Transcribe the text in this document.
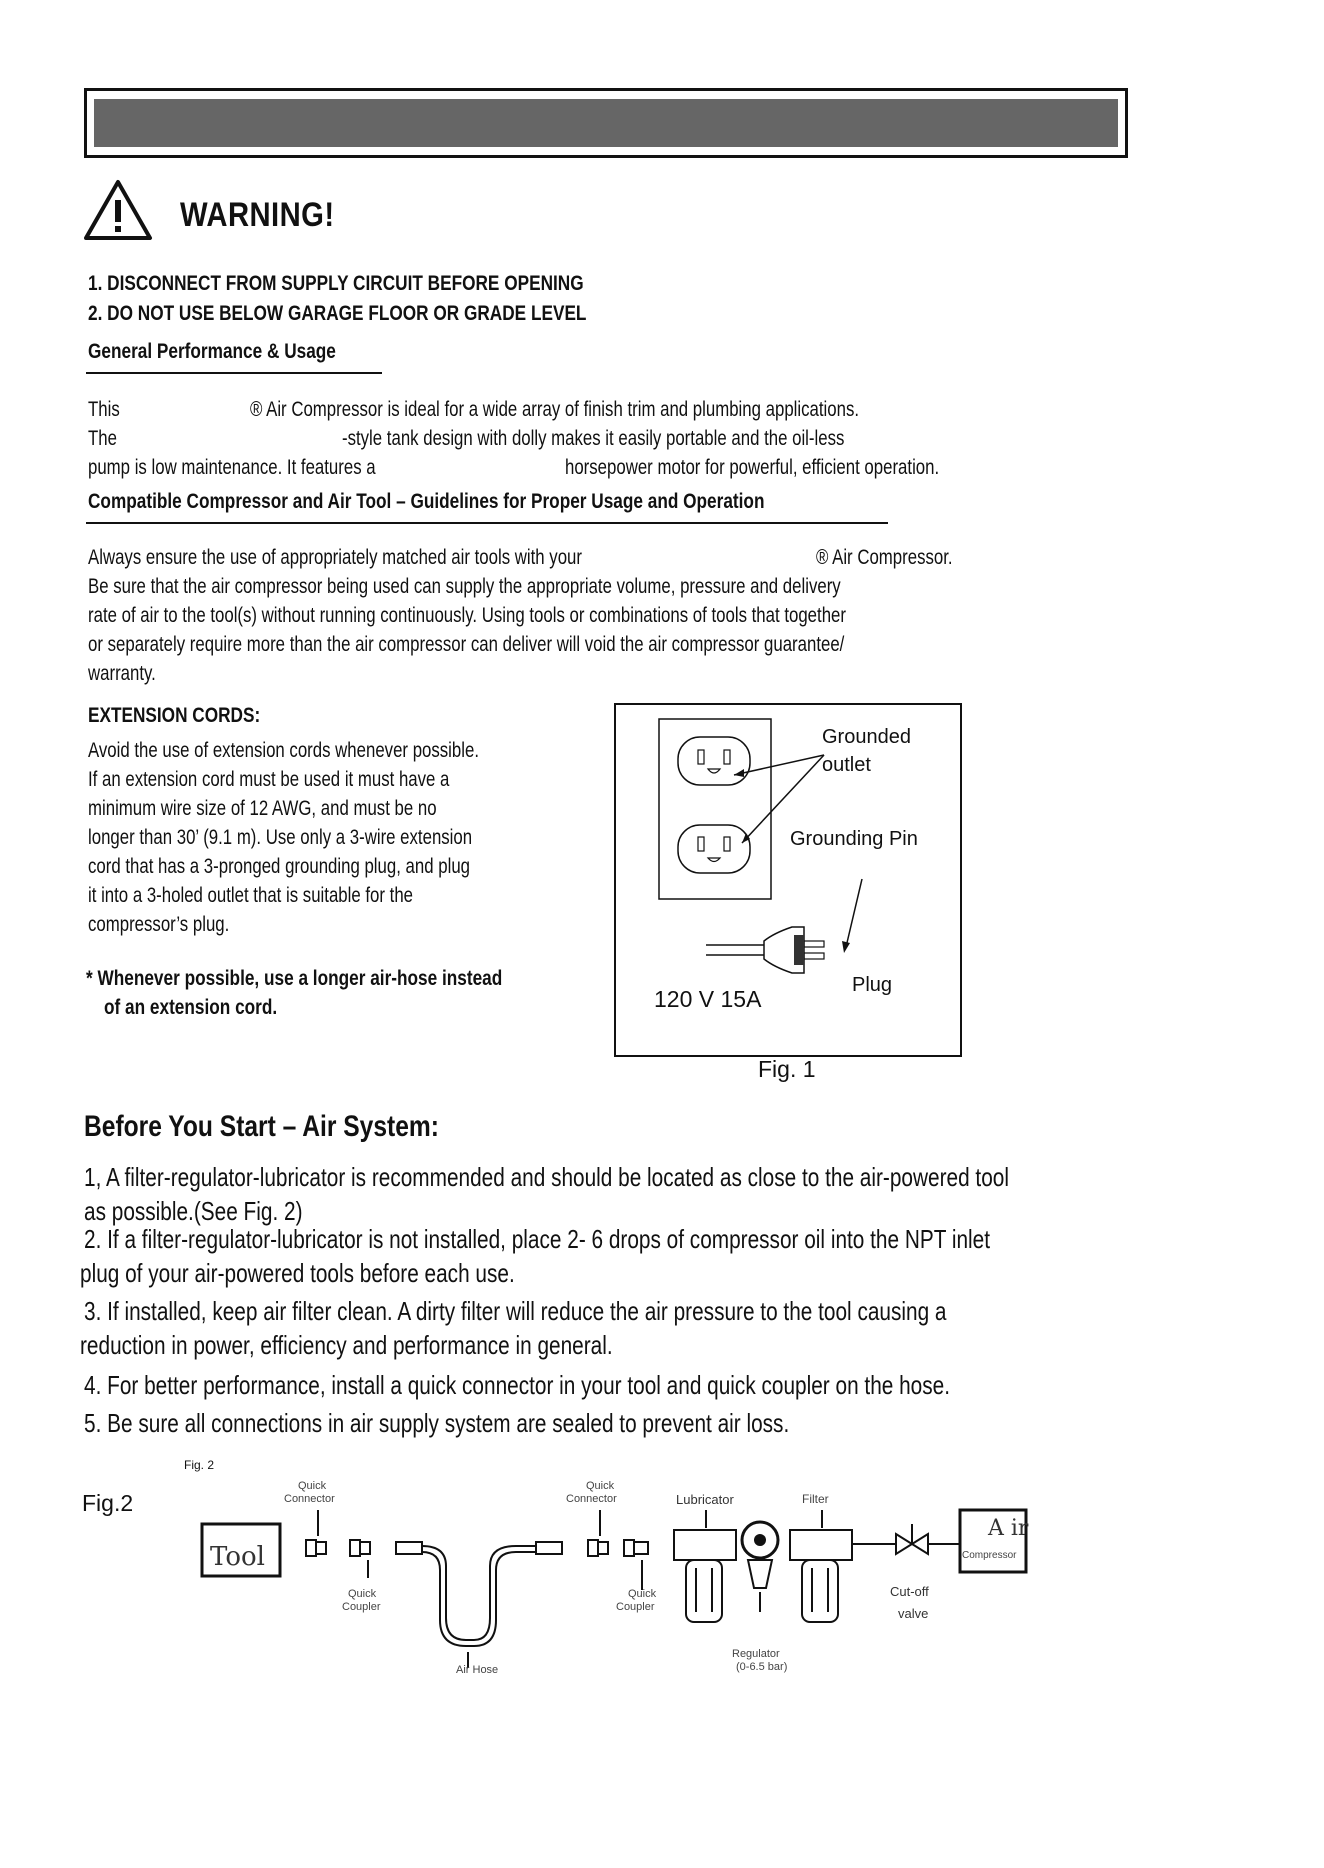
WARNING!
1. DISCONNECT FROM SUPPLY CIRCUIT BEFORE OPENING
2. DO NOT USE BELOW GARAGE FLOOR OR GRADE LEVEL
General Performance & Usage
This	® Air Compressor is ideal for a wide array of finish trim and plumbing applications.
The	-style tank design with dolly makes it easily portable and the oil-less
pump is low maintenance. It features a	horsepower motor for powerful, efficient operation.
Compatible Compressor and Air Tool – Guidelines for Proper Usage and Operation
Always ensure the use of appropriately matched air tools with your	® Air Compressor.
Be sure that the air compressor being used can supply the appropriate volume, pressure and delivery
rate of air to the tool(s) without running continuously. Using tools or combinations of tools that together
or separately require more than the air compressor can deliver will void the air compressor guarantee/
warranty.
EXTENSION CORDS:
Avoid the use of extension cords whenever possible.
If an extension cord must be used it must have a
minimum wire size of 12 AWG, and must be no
longer than 30’ (9.1 m). Use only a 3-wire extension
cord that has a 3-pronged grounding plug, and plug
it into a 3-holed outlet that is suitable for the
compressor’s plug.
* Whenever possible, use a longer air-hose instead
of an extension cord.
Grounded
outlet
Grounding Pin
120 V 15A
Plug
Fig. 1
Before You Start – Air System:
1, A filter-regulator-lubricator is recommended and should be located as close to the air-powered tool
as possible.(See Fig. 2)
2. If a filter-regulator-lubricator is not installed, place 2- 6 drops of compressor oil into the NPT inlet
plug of your air-powered tools before each use.
3. If installed, keep air filter clean. A dirty filter will reduce the air pressure to the tool causing a
reduction in power, efficiency and performance in general.
4. For better performance, install a quick connector in your tool and quick coupler on the hose.
5. Be sure all connections in air supply system are sealed to prevent air loss.
Fig. 2
Fig.2
Tool
Quick
Connector
Quick
Coupler
Air Hose
Quick
Connector
Quick
Coupler
Lubricator	Filter
Regulator
(0-6.5 bar)
Cut-off
valve
A ir
Compressor
